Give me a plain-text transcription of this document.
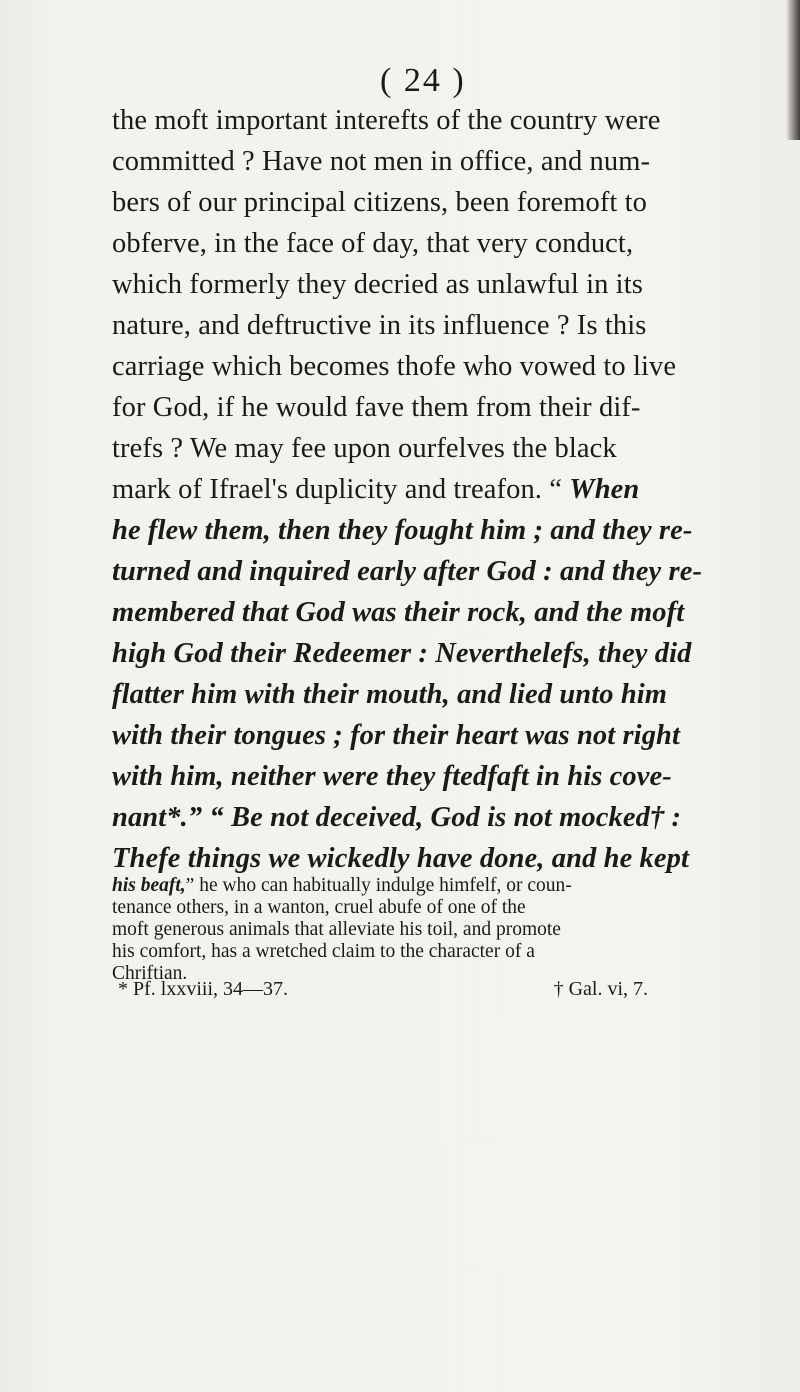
( 24 )
the moft important interefts of the country were
committed ? Have not men in office, and num-
bers of our principal citizens, been foremoft to
obferve, in the face of day, that very conduct,
which formerly they decried as unlawful in its
nature, and deftructive in its influence ? Is this
carriage which becomes thofe who vowed to live
for God, if he would fave them from their dif-
trefs ? We may fee upon ourfelves the black
mark of Ifrael's duplicity and treafon. “ When
he flew them, then they fought him ; and they re-
turned and inquired early after God : and they re-
membered that God was their rock, and the moft
high God their Redeemer : Neverthelefs, they did
flatter him with their mouth, and lied unto him
with their tongues ; for their heart was not right
with him, neither were they ftedfaft in his cove-
nant*.” “ Be not deceived, God is not mocked† :
Thefe things we wickedly have done, and he kept
his beaft,” he who can habitually indulge himfelf, or coun-
tenance others, in a wanton, cruel abufe of one of the
moft generous animals that alleviate his toil, and promote
his comfort, has a wretched claim to the character of a
Chriftian.
* Pf. lxxviii, 34—37.	† Gal. vi, 7.
